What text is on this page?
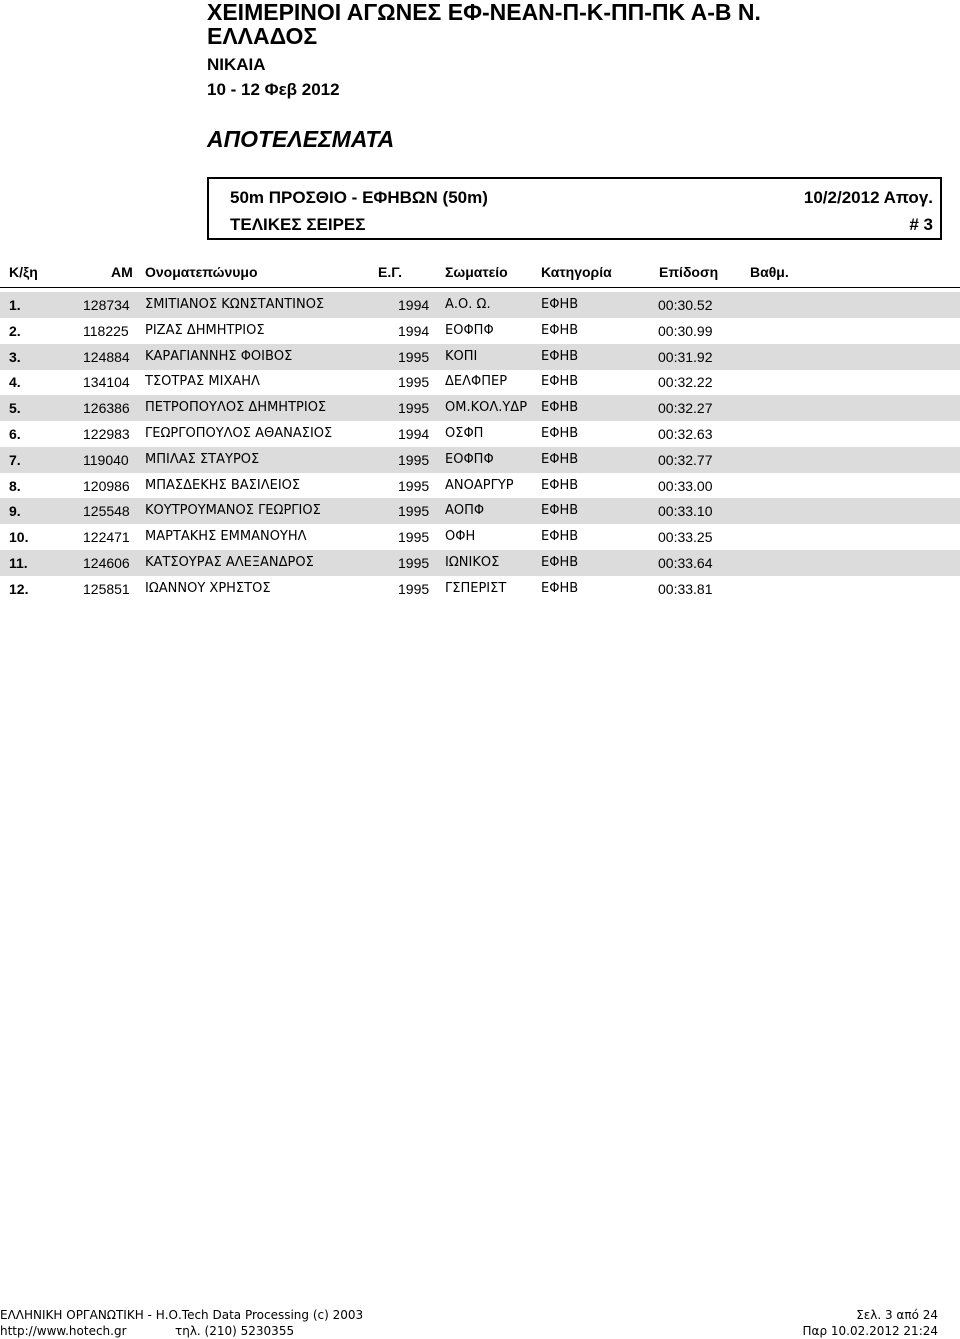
ΧΕΙΜΕΡΙΝΟΙ ΑΓΩΝΕΣ ΕΦ-ΝΕΑΝ-Π-Κ-ΠΠ-ΠΚ Α-Β Ν.
ΕΛΛΑΔΟΣ
ΝΙΚΑΙΑ
10 - 12 Φεβ 2012
ΑΠΟΤΕΛΕΣΜΑΤΑ
50m ΠΡΟΣΘΙΟ - ΕΦΗΒΩΝ (50m)	10/2/2012 Απογ.
ΤΕΛΙΚΕΣ ΣΕΙΡΕΣ	# 3
Κ/ξη	ΑΜ Ονοματεπώνυμο	Ε.Γ.	Σωματείο Κατηγορία	Επίδοση Βαθμ.
1.	128734 ΣΜΙΤΙΑΝΟΣ ΚΩΝΣΤΑΝΤΙΝΟΣ	1994 Α.Ο. Ω.	ΕΦΗΒ	00:30.52
2.	118225 ΡΙΖΑΣ ΔΗΜΗΤΡΙΟΣ	1994 ΕΟΦΠΦ	ΕΦΗΒ	00:30.99
3.	124884 ΚΑΡΑΓΙΑΝΝΗΣ ΦΟΙΒΟΣ	1995 ΚΟΠΙ	ΕΦΗΒ	00:31.92
4.	134104 ΤΣΟΤΡΑΣ ΜΙΧΑΗΛ	1995 ΔΕΛΦΠΕΡ	ΕΦΗΒ	00:32.22
5.	126386 ΠΕΤΡΟΠΟΥΛΟΣ ΔΗΜΗΤΡΙΟΣ	1995 ΟΜ.ΚΟΛ.ΥΔΡ ΕΦΗΒ	00:32.27
6.	122983 ΓΕΩΡΓΟΠΟΥΛΟΣ ΑΘΑΝΑΣΙΟΣ	1994 ΟΣΦΠ	ΕΦΗΒ	00:32.63
7.	119040 ΜΠΙΛΑΣ ΣΤΑΥΡΟΣ	1995 ΕΟΦΠΦ	ΕΦΗΒ	00:32.77
8.	120986 ΜΠΑΣΔΕΚΗΣ ΒΑΣΙΛΕΙΟΣ	1995 ΑΝΟΑΡΓΥΡ ΕΦΗΒ	00:33.00
9.	125548 ΚΟΥΤΡΟΥΜΑΝΟΣ ΓΕΩΡΓΙΟΣ	1995 ΑΟΠΦ	ΕΦΗΒ	00:33.10
10.	122471 ΜΑΡΤΑΚΗΣ ΕΜΜΑΝΟΥΗΛ	1995 ΟΦΗ	ΕΦΗΒ	00:33.25
11.	124606 ΚΑΤΣΟΥΡΑΣ ΑΛΕΞΑΝΔΡΟΣ	1995 ΙΩΝΙΚΟΣ	ΕΦΗΒ	00:33.64
12.	125851 ΙΩΑΝΝΟΥ ΧΡΗΣΤΟΣ	1995 ΓΣΠΕΡΙΣΤ	ΕΦΗΒ	00:33.81
ΕΛΛΗΝΙΚΗ ΟΡΓΑΝΩΤΙΚΗ - Η.Ο.Tech Data Processing (c) 2003
http://www.hotech.gr	τηλ. (210) 5230355
Σελ. 3 από 24
Παρ 10.02.2012 21:24
